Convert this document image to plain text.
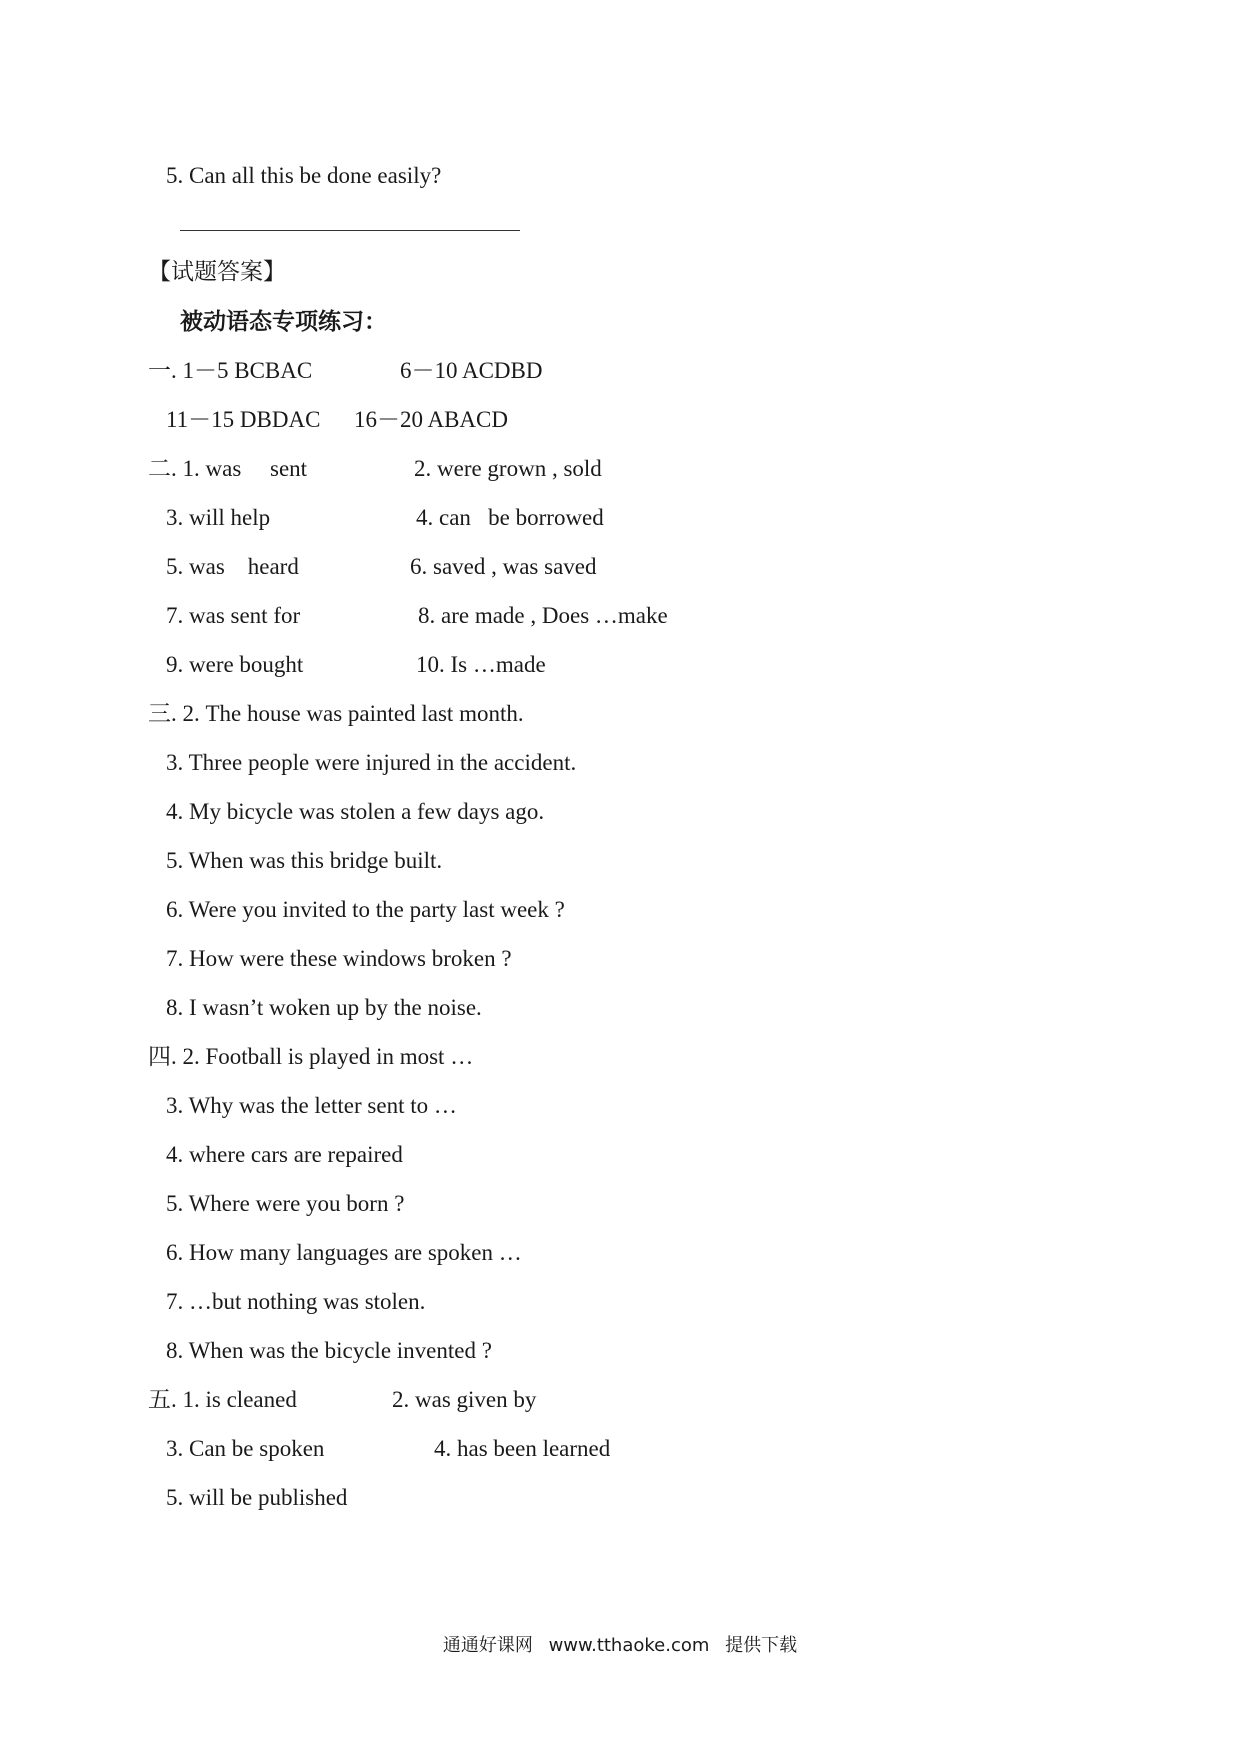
5. Can all this be done easily?
【试题答案】
被动语态专项练习：
一. 1－5 BCBAC	6－10 ACDBD
11－15 DBDAC 16－20 ABACD
二. 1. was     sent	2. were grown , sold
3. will help	4. can   be borrowed
5. was    heard	6. saved , was saved
7. was sent for	8. are made , Does …make
9. were bought	10. Is …made
三. 2. The house was painted last month.
3. Three people were injured in the accident.
4. My bicycle was stolen a few days ago.
5. When was this bridge built.
6. Were you invited to the party last week ?
7. How were these windows broken ?
8. I wasn’t woken up by the noise.
四. 2. Football is played in most …
3. Why was the letter sent to …
4. where cars are repaired
5. Where were you born ?
6. How many languages are spoken …
7. …but nothing was stolen.
8. When was the bicycle invented ?
五. 1. is cleaned	2. was given by
3. Can be spoken	4. has been learned
5. will be published
通通好课网 www.tthaoke.com 提供下载
